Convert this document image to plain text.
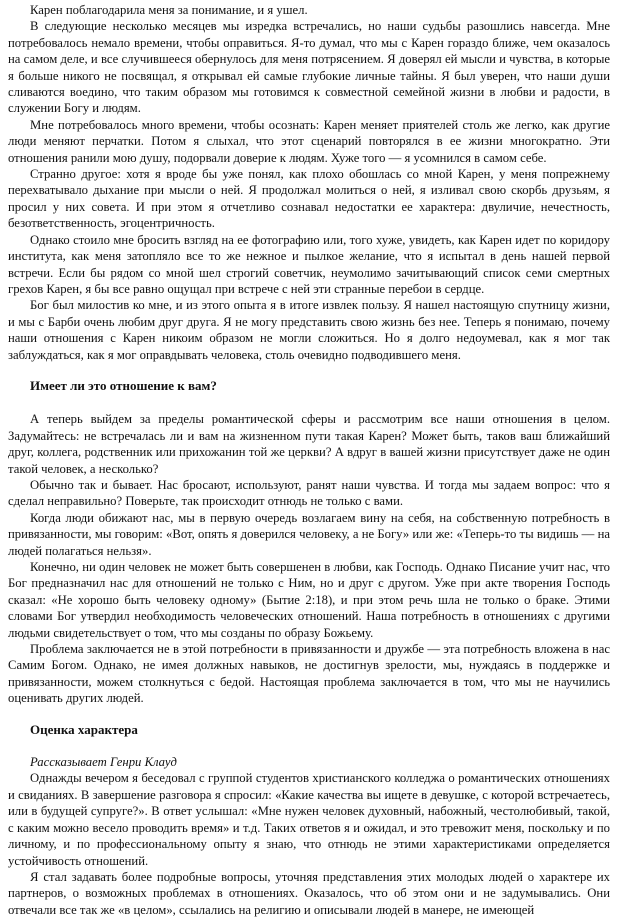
Карен поблагодарила меня за понимание, и я ушел.

В следующие несколько месяцев мы изредка встречались, но наши судьбы разошлись навсегда. Мне потребовалось немало времени, чтобы оправиться. Я-то думал, что мы с Карен гораздо ближе, чем оказалось на самом деле, и все случившееся обернулось для меня потрясением. Я доверял ей мысли и чувства, в которые я больше никого не посвящал, я открывал ей самые глубокие личные тайны. Я был уверен, что наши души сливаются воедино, что таким образом мы готовимся к совместной семейной жизни в любви и радости, в служении Богу и людям.

Мне потребовалось много времени, чтобы осознать: Карен меняет приятелей столь же легко, как другие люди меняют перчатки. Потом я слыхал, что этот сценарий повторялся в ее жизни многократно. Эти отношения ранили мою душу, подорвали доверие к людям. Хуже того — я усомнился в самом себе.

Странно другое: хотя я вроде бы уже понял, как плохо обошлась со мной Карен, у меня попрежнему перехватывало дыхание при мысли о ней. Я продолжал молиться о ней, я изливал свою скорбь друзьям, я просил у них совета. И при этом я отчетливо сознавал недостатки ее характера: двуличие, нечестность, безответственность, эгоцентричность.

Однако стоило мне бросить взгляд на ее фотографию или, того хуже, увидеть, как Карен идет по коридору института, как меня затопляло все то же нежное и пылкое желание, что я испытал в день нашей первой встречи. Если бы рядом со мной шел строгий советчик, неумолимо зачитывающий список семи смертных грехов Карен, я бы все равно ощущал при встрече с ней эти странные перебои в сердце.

Бог был милостив ко мне, и из этого опыта я в итоге извлек пользу. Я нашел настоящую спутницу жизни, и мы с Барби очень любим друг друга. Я не могу представить свою жизнь без нее. Теперь я понимаю, почему наши отношения с Карен никоим образом не могли сложиться. Но я долго недоумевал, как я мог так заблуждаться, как я мог оправдывать человека, столь очевидно подводившего меня.

Имеет ли это отношение к вам?

А теперь выйдем за пределы романтической сферы и рассмотрим все наши отношения в целом. Задумайтесь: не встречалась ли и вам на жизненном пути такая Карен? Может быть, таков ваш ближайший друг, коллега, родственник или прихожанин той же церкви? А вдруг в вашей жизни присутствует даже не один такой человек, а несколько?

Обычно так и бывает. Нас бросают, используют, ранят наши чувства. И тогда мы задаем вопрос: что я сделал неправильно? Поверьте, так происходит отнюдь не только с вами.

Когда люди обижают нас, мы в первую очередь возлагаем вину на себя, на собственную потребность в привязанности, мы говорим: «Вот, опять я доверился человеку, а не Богу» или же: «Теперь-то ты видишь — на людей полагаться нельзя».

Конечно, ни один человек не может быть совершенен в любви, как Господь. Однако Писание учит нас, что Бог предназначил нас для отношений не только с Ним, но и друг с другом. Уже при акте творения Господь сказал: «Не хорошо быть человеку одному» (Бытие 2:18), и при этом речь шла не только о браке. Этими словами Бог утвердил необходимость человеческих отношений. Наша потребность в отношениях с другими людьми свидетельствует о том, что мы созданы по образу Божьему.

Проблема заключается не в этой потребности в привязанности и дружбе — эта потребность вложена в нас Самим Богом. Однако, не имея должных навыков, не достигнув зрелости, мы, нуждаясь в поддержке и привязанности, можем столкнуться с бедой. Настоящая проблема заключается в том, что мы не научились оценивать других людей.

Оценка характера

Рассказывает Генри Клауд

Однажды вечером я беседовал с группой студентов христианского колледжа о романтических отношениях и свиданиях. В завершение разговора я спросил: «Какие качества вы ищете в девушке, с которой встречаетесь, или в будущей супруге?». В ответ услышал: «Мне нужен человек духовный, набожный, честолюбивый, такой, с каким можно весело проводить время» и т.д. Таких ответов я и ожидал, и это тревожит меня, поскольку и по личному, и по профессиональному опыту я знаю, что отнюдь не этими характеристиками определяется устойчивость отношений.

Я стал задавать более подробные вопросы, уточняя представления этих молодых людей о характере их партнеров, о возможных проблемах в отношениях. Оказалось, что об этом они и не задумывались. Они отвечали все так же «в целом», ссылались на религию и описывали людей в манере, не имеющей
